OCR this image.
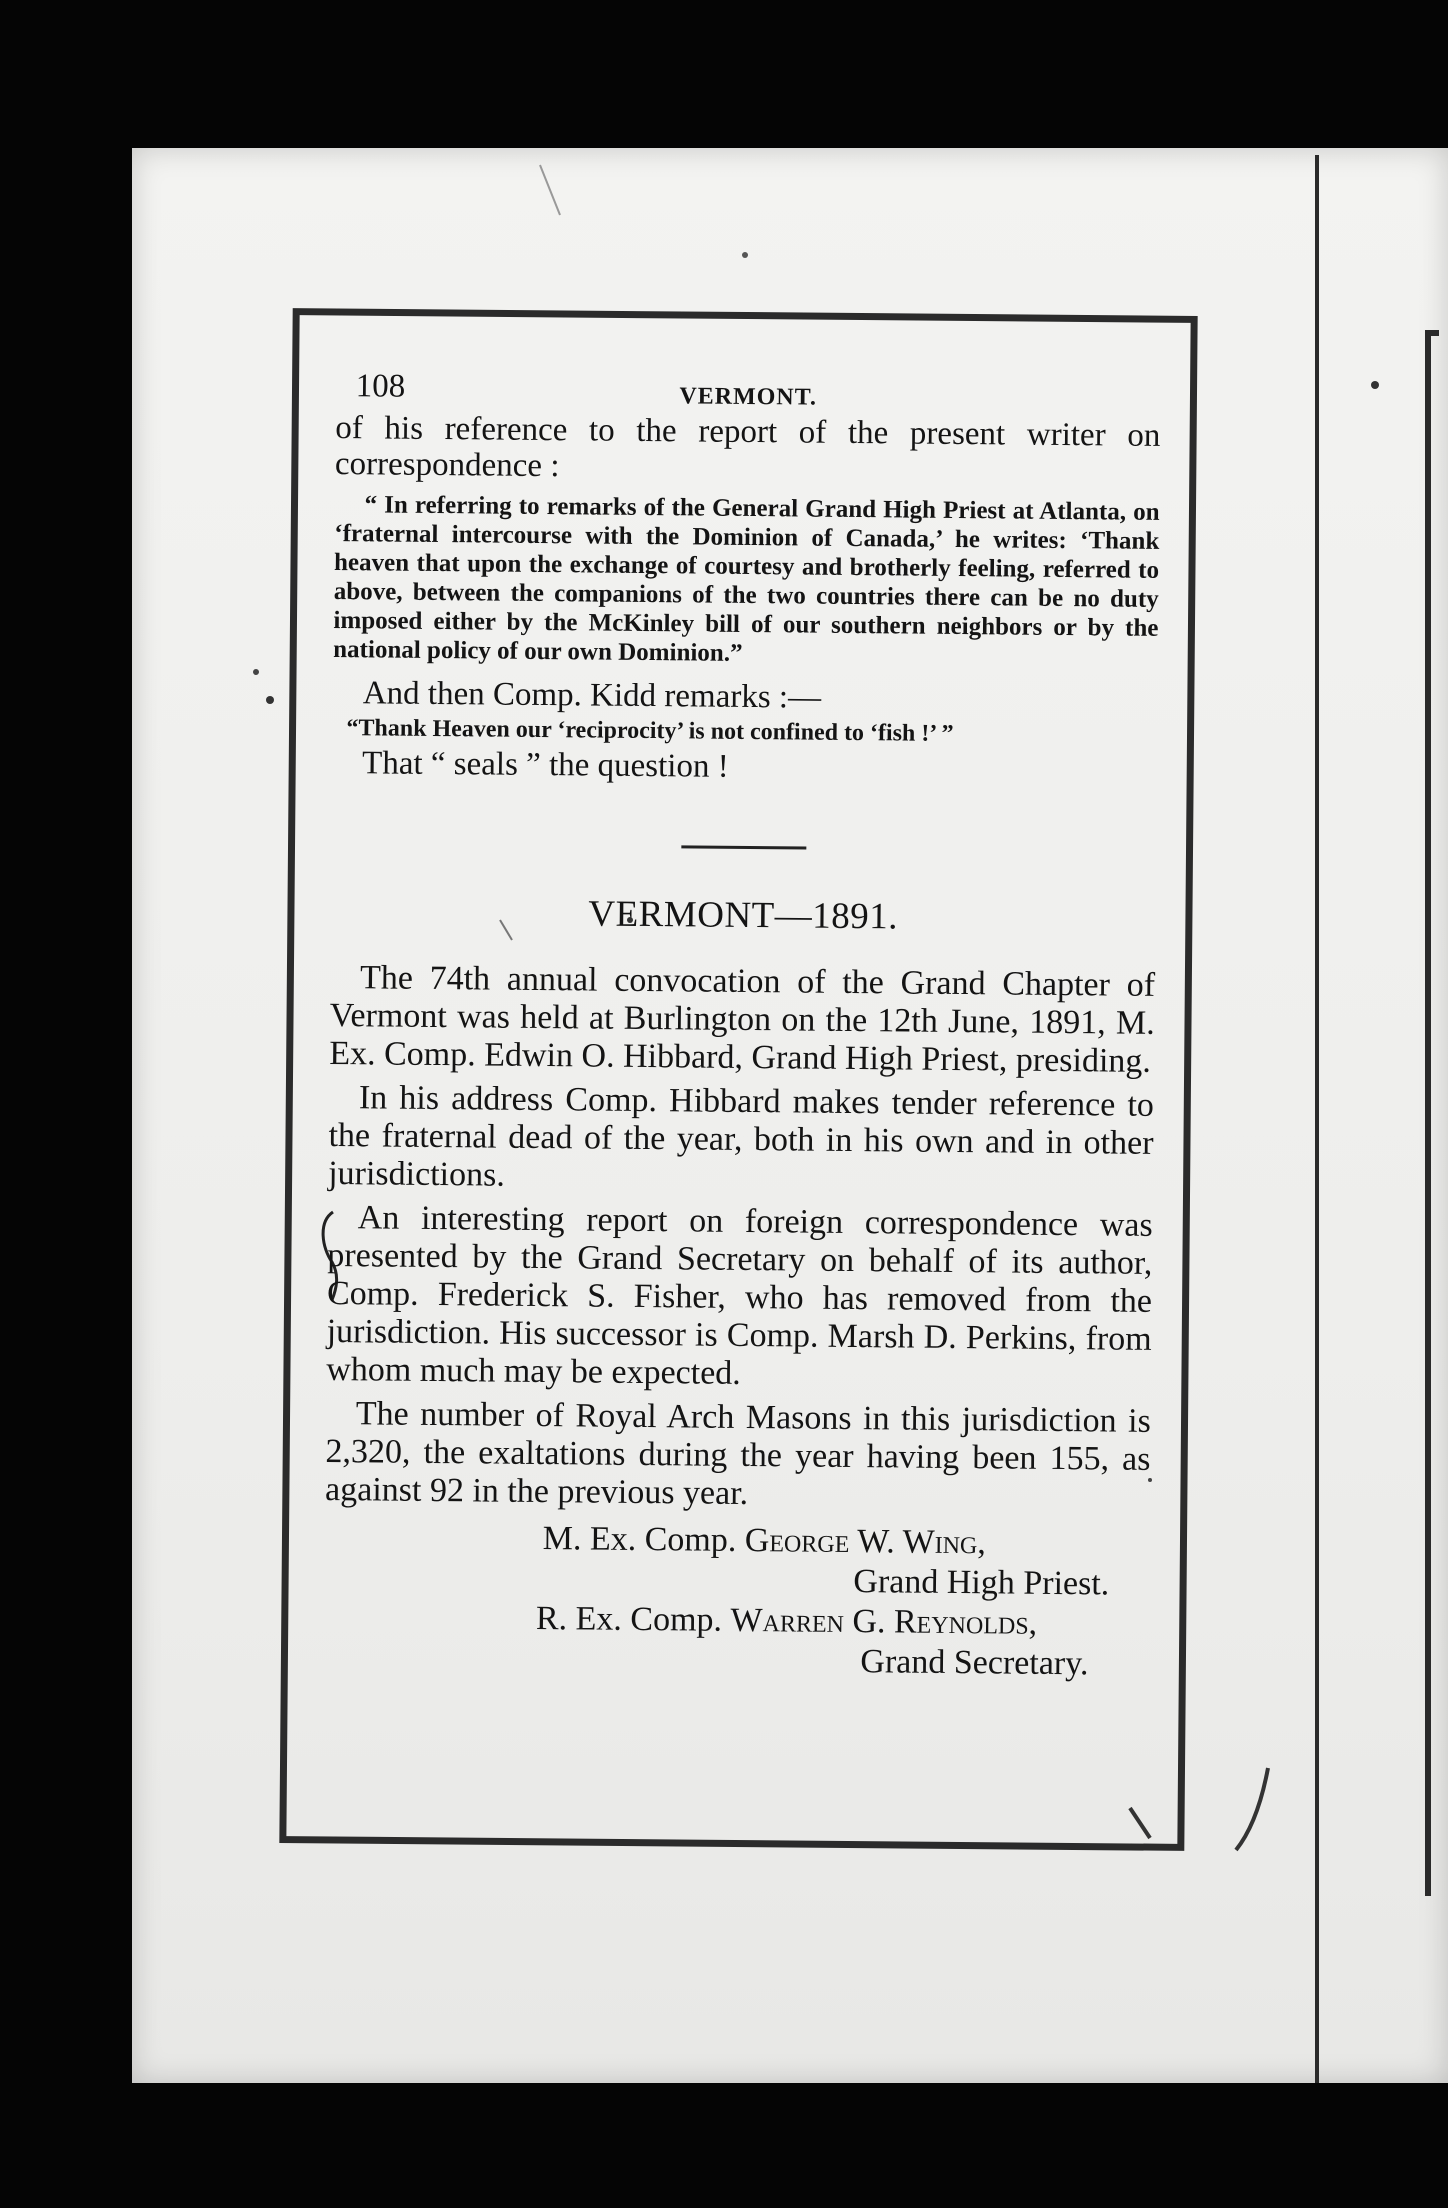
108	VERMONT.

of his reference to the report of the present writer on correspondence :

“ In referring to remarks of the General Grand High Priest at Atlanta, on ‘fraternal intercourse with the Dominion of Canada,’ he writes: ‘Thank heaven that upon the exchange of courtesy and brotherly feeling, referred to above, between the companions of the two countries there can be no duty imposed either by the McKinley bill of our southern neighbors or by the national policy of our own Dominion.”

And then Comp. Kidd remarks :—

“Thank Heaven our ‘reciprocity’ is not confined to ‘fish !’ ”

That “ seals ” the question !

VERMONT—1891.

The 74th annual convocation of the Grand Chapter of Vermont was held at Burlington on the 12th June, 1891, M. Ex. Comp. Edwin O. Hibbard, Grand High Priest, presiding.

In his address Comp. Hibbard makes tender reference to the fraternal dead of the year, both in his own and in other jurisdictions.

An interesting report on foreign correspondence was presented by the Grand Secretary on behalf of its author, Comp. Frederick S. Fisher, who has removed from the jurisdiction. His successor is Comp. Marsh D. Perkins, from whom much may be expected.

The number of Royal Arch Masons in this jurisdiction is 2,320, the exaltations during the year having been 155, as against 92 in the previous year.

M. Ex. Comp. George W. Wing,
Grand High Priest.
R. Ex. Comp. Warren G. Reynolds,
Grand Secretary.
